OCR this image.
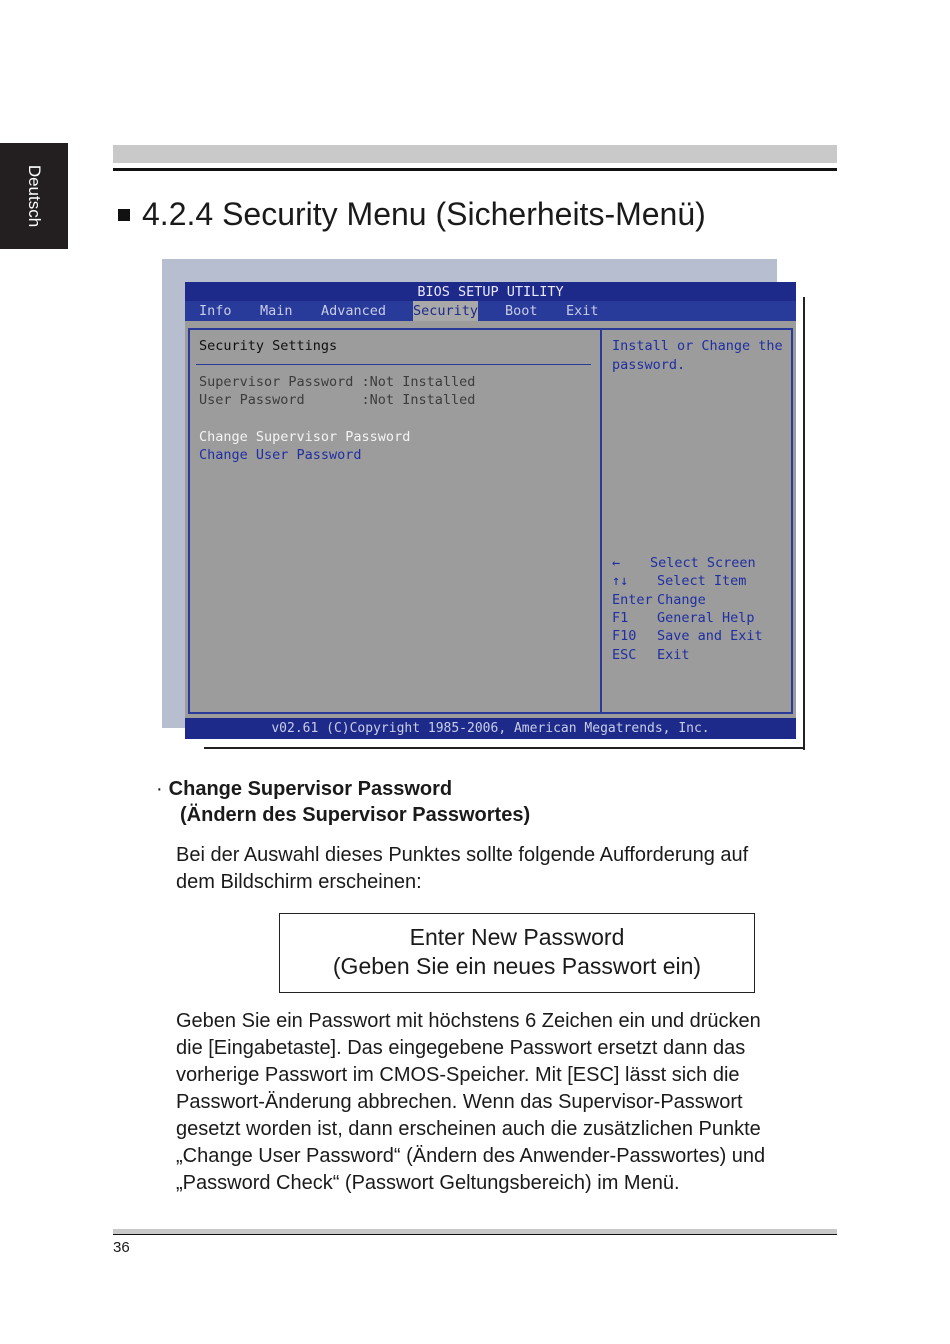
Deutsch	4.2.4 Security Menu (Sicherheits-Menü)
BIOS SETUP UTILITY
Info Main Advanced Security Boot Exit
Security Settings
Supervisor Password :Not Installed
User Password       :Not Installed
Change Supervisor Password
Change User Password
Install or Change the
password.
← Select Screen
↑↓ Select Item
Enter Change
F1 General Help
F10 Save and Exit
ESC Exit
v02.61 (C)Copyright 1985-2006, American Megatrends, Inc.
· Change Supervisor Password
(Ändern des Supervisor Passwortes)
Bei der Auswahl dieses Punktes sollte folgende Aufforderung auf
dem Bildschirm erscheinen:
Enter New Password
(Geben Sie ein neues Passwort ein)
Geben Sie ein Passwort mit höchstens 6 Zeichen ein und drücken
die [Eingabetaste]. Das eingegebene Passwort ersetzt dann das
vorherige Passwort im CMOS-Speicher. Mit [ESC] lässt sich die
Passwort-Änderung abbrechen. Wenn das Supervisor-Passwort
gesetzt worden ist, dann erscheinen auch die zusätzlichen Punkte
„Change User Password“ (Ändern des Anwender-Passwortes) und
„Password Check“ (Passwort Geltungsbereich) im Menü.
36
